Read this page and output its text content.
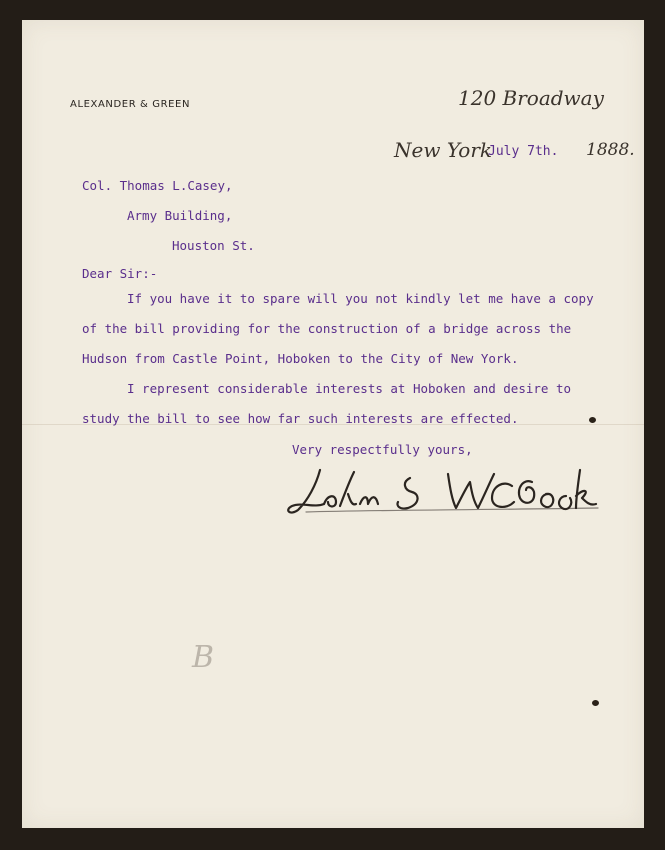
ALEXANDER & GREEN	120 Broadway
New York
July 7th. 1888.

Col. Thomas L.Casey,

Army Building,

Houston St.

Dear Sir:-

If you have it to spare will you not kindly let me have a copy

of the bill providing for the construction of a bridge across the

Hudson from Castle Point, Hoboken to the City of New York.

I represent considerable interests at Hoboken and desire to

study the bill to see how far such interests are effected.

Very respectfully yours,

B
